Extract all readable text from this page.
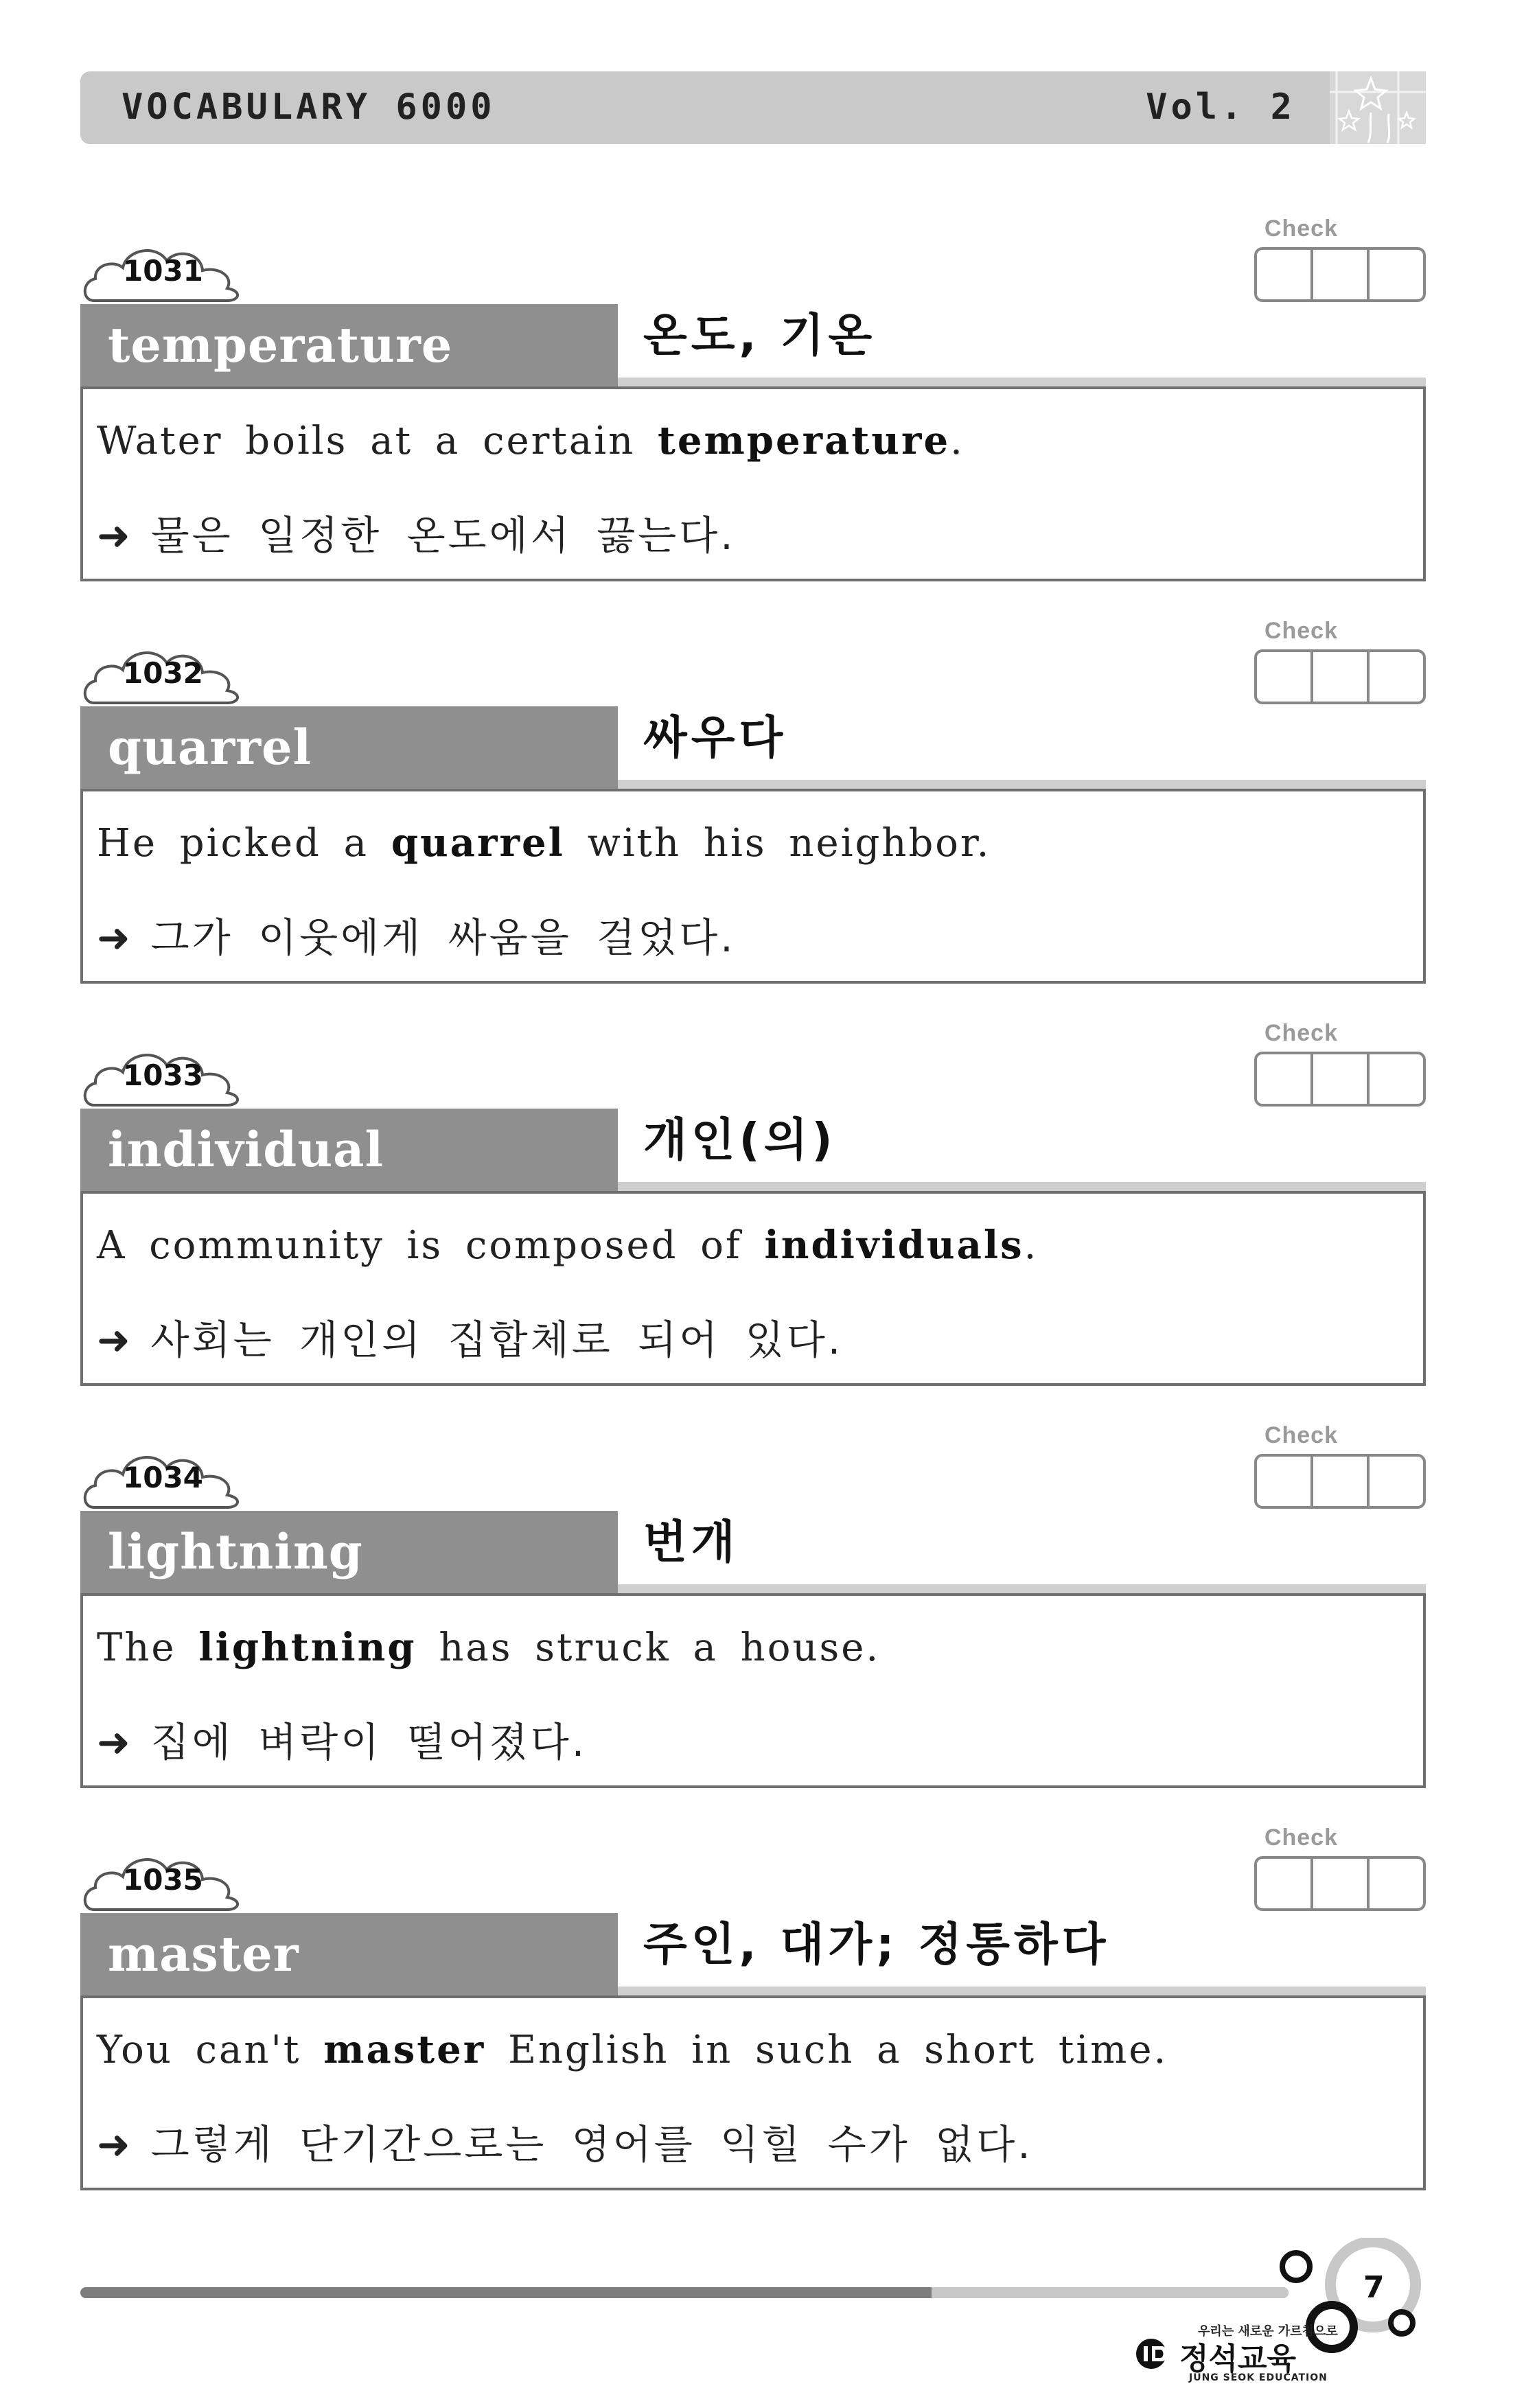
VOCABULARY 6000	Vol. 2
Check
1031
temperature	온도, 기온
Water boils at a certain temperature.
➜ 물은 일정한 온도에서 끓는다.
Check
1032
quarrel	싸우다
He picked a quarrel with his neighbor.
➜ 그가 이웃에게 싸움을 걸었다.
Check
1033
individual	개인(의)
A community is composed of individuals.
➜ 사회는 개인의 집합체로 되어 있다.
Check
1034
lightning	번개
The lightning has struck a house.
➜ 집에 벼락이 떨어졌다.
Check
1035
master	주인, 대가; 정통하다
You can't master English in such a short time.
➜ 그렇게 단기간으로는 영어를 익힐 수가 없다.
7
우리는 새로운 가르침으로
정석교육
JUNG SEOK EDUCATION
